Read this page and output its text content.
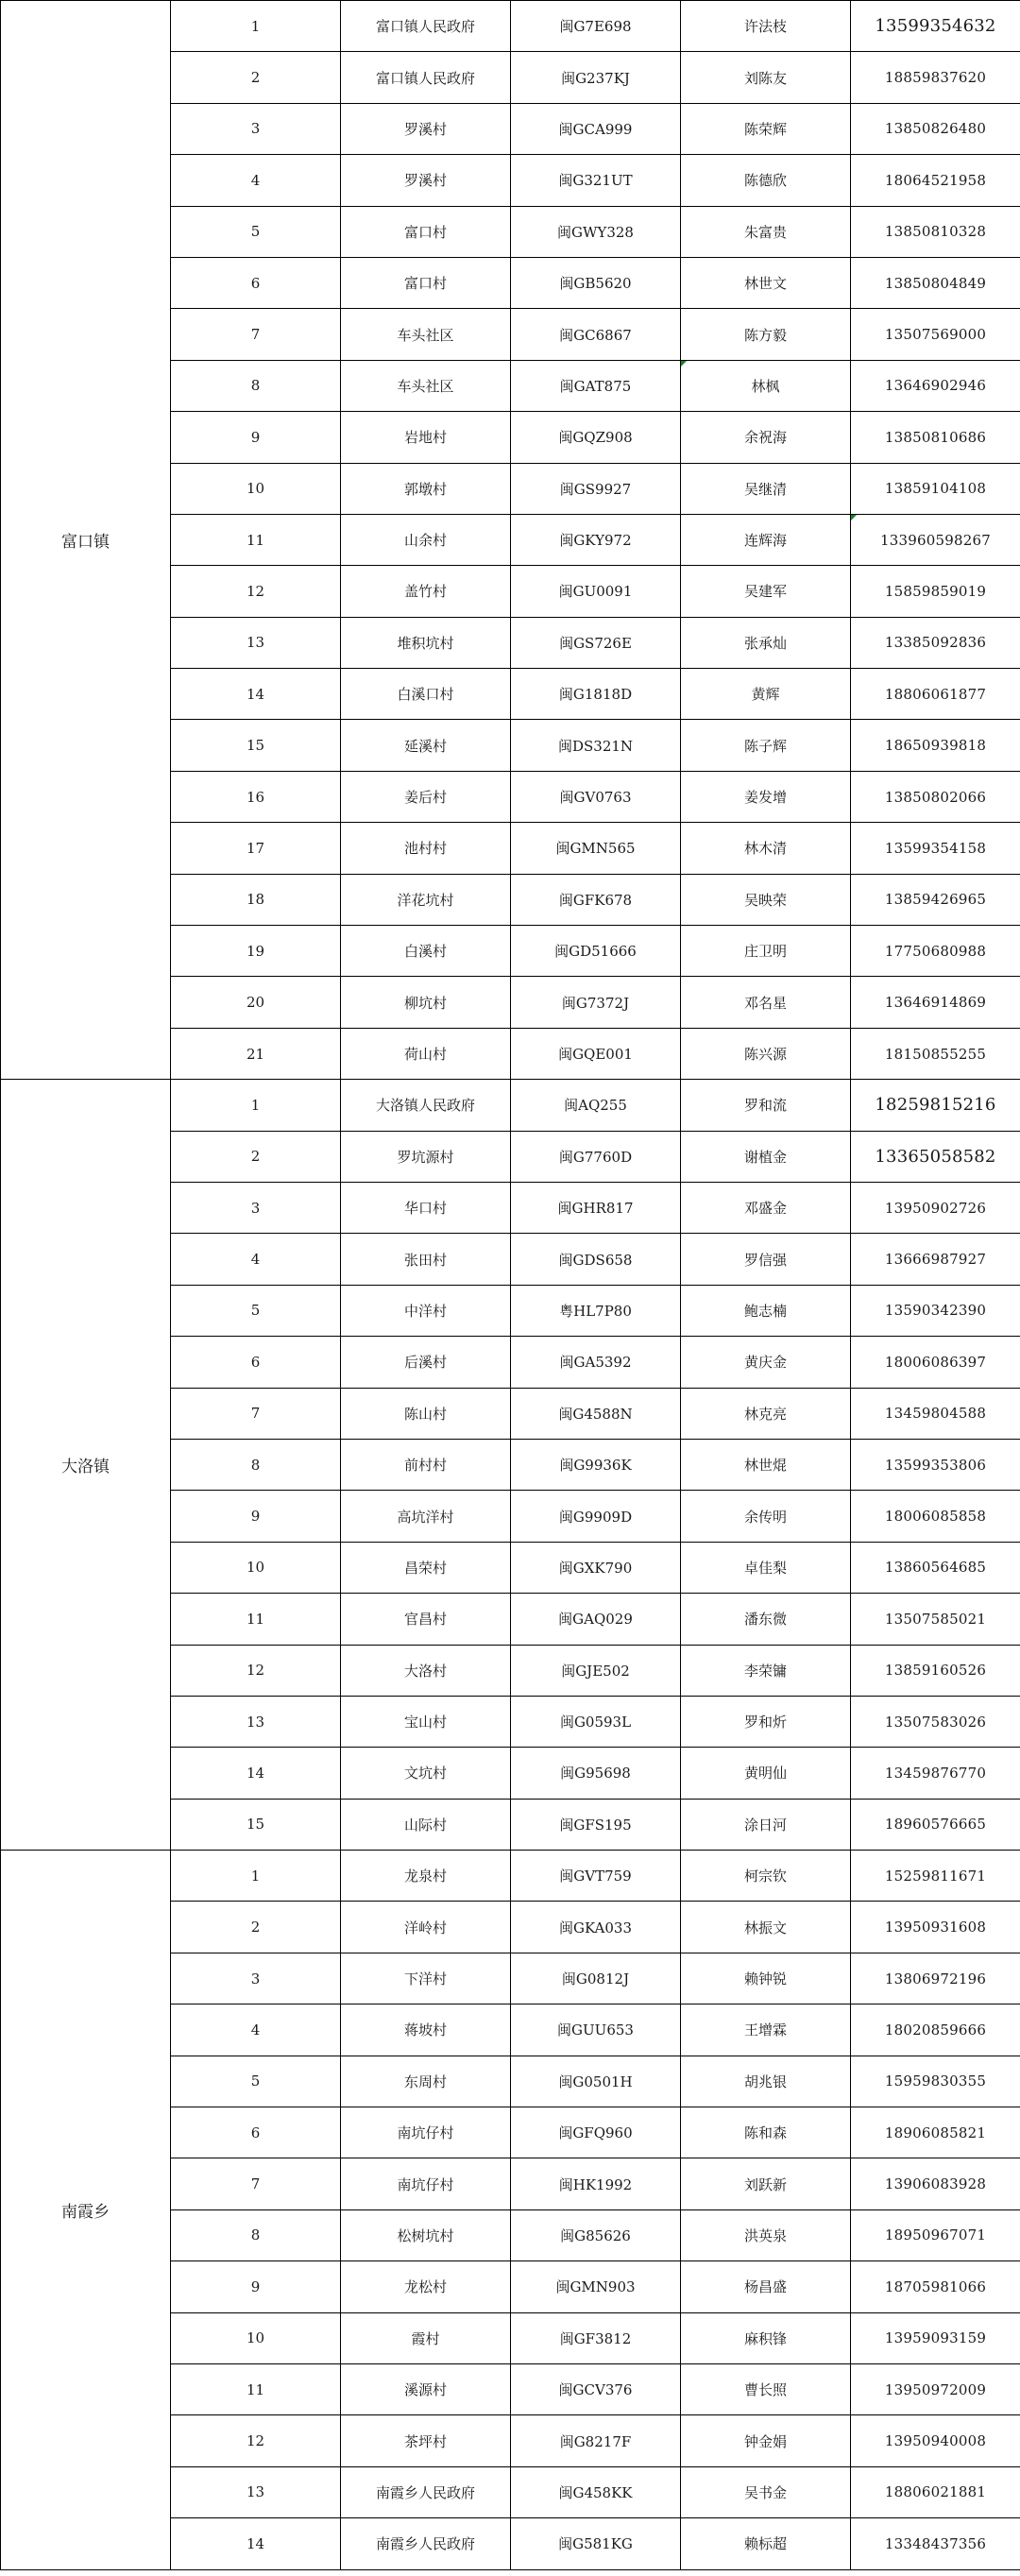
富口镇	1	富口镇人民政府	闽G7E698	许法枝	13599354632
	2	富口镇人民政府	闽G237KJ	刘陈友	18859837620
	3	罗溪村	闽GCA999	陈荣辉	13850826480
	4	罗溪村	闽G321UT	陈德欣	18064521958
	5	富口村	闽GWY328	朱富贵	13850810328
	6	富口村	闽GB5620	林世文	13850804849
	7	车头社区	闽GC6867	陈方毅	13507569000
	8	车头社区	闽GAT875	林枫	13646902946
	9	岩地村	闽GQZ908	余祝海	13850810686
	10	郭墩村	闽GS9927	吴继清	13859104108
	11	山余村	闽GKY972	连辉海	133960598267
	12	盖竹村	闽GU0091	吴建军	15859859019
	13	堆积坑村	闽GS726E	张承灿	13385092836
	14	白溪口村	闽G1818D	黄辉	18806061877
	15	延溪村	闽DS321N	陈子辉	18650939818
	16	姜后村	闽GV0763	姜发增	13850802066
	17	池村村	闽GMN565	林木清	13599354158
	18	洋花坑村	闽GFK678	吴映荣	13859426965
	19	白溪村	闽GD51666	庄卫明	17750680988
	20	柳坑村	闽G7372J	邓名星	13646914869
	21	荷山村	闽GQE001	陈兴源	18150855255
大洛镇	1	大洛镇人民政府	闽AQ255	罗和流	18259815216
	2	罗坑源村	闽G7760D	谢植金	13365058582
	3	华口村	闽GHR817	邓盛金	13950902726
	4	张田村	闽GDS658	罗信强	13666987927
	5	中洋村	粤HL7P80	鲍志楠	13590342390
	6	后溪村	闽GA5392	黄庆金	18006086397
	7	陈山村	闽G4588N	林克亮	13459804588
	8	前村村	闽G9936K	林世焜	13599353806
	9	高坑洋村	闽G9909D	余传明	18006085858
	10	昌荣村	闽GXK790	卓佳梨	13860564685
	11	官昌村	闽GAQ029	潘东微	13507585021
	12	大洛村	闽GJE502	李荣镛	13859160526
	13	宝山村	闽G0593L	罗和炘	13507583026
	14	文坑村	闽G95698	黄明仙	13459876770
	15	山际村	闽GFS195	涂日河	18960576665
南霞乡	1	龙泉村	闽GVT759	柯宗钦	15259811671
	2	洋岭村	闽GKA033	林振文	13950931608
	3	下洋村	闽G0812J	赖钟锐	13806972196
	4	蒋坡村	闽GUU653	王增霖	18020859666
	5	东周村	闽G0501H	胡兆银	15959830355
	6	南坑仔村	闽GFQ960	陈和森	18906085821
	7	南坑仔村	闽HK1992	刘跃新	13906083928
	8	松树坑村	闽G85626	洪英泉	18950967071
	9	龙松村	闽GMN903	杨昌盛	18705981066
	10	霞村	闽GF3812	麻积锋	13959093159
	11	溪源村	闽GCV376	曹长照	13950972009
	12	茶坪村	闽G8217F	钟金娟	13950940008
	13	南霞乡人民政府	闽G458KK	吴书金	18806021881
	14	南霞乡人民政府	闽G581KG	赖标超	13348437356
